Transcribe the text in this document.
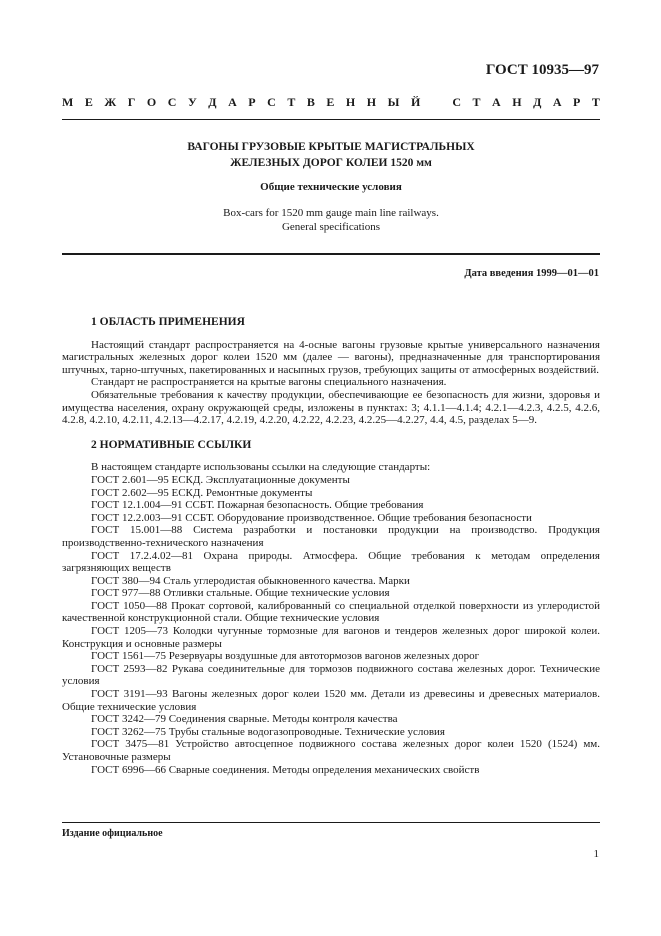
ГОСТ 10935—97
М Е Ж Г О С У Д А Р С Т В Е Н Н Ы Й
	С Т А Н Д А Р Т
ВАГОНЫ ГРУЗОВЫЕ КРЫТЫЕ МАГИСТРАЛЬНЫХ
ЖЕЛЕЗНЫХ ДОРОГ КОЛЕИ 1520 мм
Общие технические условия
Box-cars for 1520 mm gauge main line railways.
General specifications
Дата введения 1999—01—01

1 ОБЛАСТЬ ПРИМЕНЕНИЯ

Настоящий стандарт распространяется на 4-осные вагоны грузовые крытые универсального назначения магистральных железных дорог колеи 1520 мм (далее — вагоны), предназначенные для транспортирования штучных, тарно-штучных, пакетированных и насыпных грузов, требующих защиты от атмосферных воздействий.

Стандарт не распространяется на крытые вагоны специального назначения.

Обязательные требования к качеству продукции, обеспечивающие ее безопасность для жизни, здоровья и имущества населения, охрану окружающей среды, изложены в пунктах: 3; 4.1.1—4.1.4; 4.2.1—4.2.3, 4.2.5, 4.2.6, 4.2.8, 4.2.10, 4.2.11, 4.2.13—4.2.17, 4.2.19, 4.2.20, 4.2.22, 4.2.23, 4.2.25—4.2.27, 4.4, 4.5, разделах 5—9.

2 НОРМАТИВНЫЕ ССЫЛКИ

В настоящем стандарте использованы ссылки на следующие стандарты:

ГОСТ 2.601—95 ЕСКД. Эксплуатационные документы

ГОСТ 2.602—95 ЕСКД. Ремонтные документы

ГОСТ 12.1.004—91 ССБТ. Пожарная безопасность. Общие требования

ГОСТ 12.2.003—91 ССБТ. Оборудование производственное. Общие требования безопасности

ГОСТ 15.001—88 Система разработки и постановки продукции на производство. Продукция производственно-технического назначения

ГОСТ 17.2.4.02—81 Охрана природы. Атмосфера. Общие требования к методам определения загрязняющих веществ

ГОСТ 380—94 Сталь углеродистая обыкновенного качества. Марки

ГОСТ 977—88 Отливки стальные. Общие технические условия

ГОСТ 1050—88 Прокат сортовой, калиброванный со специальной отделкой поверхности из углеродистой качественной конструкционной стали. Общие технические условия

ГОСТ 1205—73 Колодки чугунные тормозные для вагонов и тендеров железных дорог широкой колеи. Конструкция и основные размеры

ГОСТ 1561—75 Резервуары воздушные для автотормозов вагонов железных дорог

ГОСТ 2593—82 Рукава соединительные для тормозов подвижного состава железных дорог. Технические условия

ГОСТ 3191—93 Вагоны железных дорог колеи 1520 мм. Детали из древесины и древесных материалов. Общие технические условия

ГОСТ 3242—79 Соединения сварные. Методы контроля качества

ГОСТ 3262—75 Трубы стальные водогазопроводные. Технические условия

ГОСТ 3475—81 Устройство автосцепное подвижного состава железных дорог колеи 1520 (1524) мм. Установочные размеры

ГОСТ 6996—66 Сварные соединения. Методы определения механических свойств

Издание официальное
1
